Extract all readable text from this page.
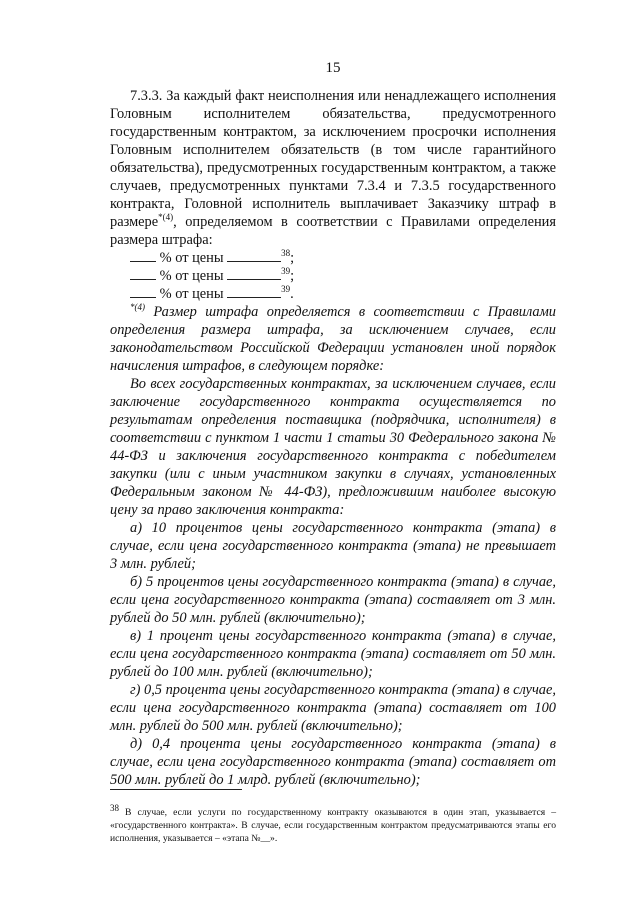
15

7.3.3. За каждый факт неисполнения или ненадлежащего исполнения Головным исполнителем обязательства, предусмотренного государственным контрактом, за исключением просрочки исполнения Головным исполнителем обязательств (в том числе гарантийного обязательства), предусмотренных государственным контрактом, а также случаев, предусмотренных пунктами 7.3.4 и 7.3.5 государственного контракта, Головной исполнитель выплачивает Заказчику штраф в размере$^{*(4)}$, определяемом в соответствии с Правилами определения размера штрафа:

% от цены	$^{38}$;

% от цены	$^{39}$;

% от цены	$^{39}$.

$^{*(4)}$ Размер штрафа определяется в соответствии с Правилами определения размера штрафа, за исключением случаев, если законодательством Российской Федерации установлен иной порядок начисления штрафов, в следующем порядке:

Во всех государственных контрактах, за исключением случаев, если заключение государственного контракта осуществляется по результатам определения поставщика (подрядчика, исполнителя) в соответствии с пунктом 1 части 1 статьи 30 Федерального закона № 44-ФЗ и заключения государственного контракта с победителем закупки (или с иным участником закупки в случаях, установленных Федеральным законом № 44-ФЗ), предложившим наиболее высокую цену за право заключения контракта:

а) 10 процентов цены государственного контракта (этапа) в случае, если цена государственного контракта (этапа) не превышает 3 млн. рублей;

б) 5 процентов цены государственного контракта (этапа) в случае, если цена государственного контракта (этапа) составляет от 3 млн. рублей до 50 млн. рублей (включительно);

в) 1 процент цены государственного контракта (этапа) в случае, если цена государственного контракта (этапа) составляет от 50 млн. рублей до 100 млн. рублей (включительно);

г) 0,5 процента цены государственного контракта (этапа) в случае, если цена государственного контракта (этапа) составляет от 100 млн. рублей до 500 млн. рублей (включительно);

д) 0,4 процента цены государственного контракта (этапа) в случае, если цена государственного контракта (этапа) составляет от 500 млн. рублей до 1 млрд. рублей (включительно);

$^{38}$ В случае, если услуги по государственному контракту оказываются в один этап, указывается – «государственного контракта». В случае, если государственным контрактом предусматриваются этапы его исполнения, указывается – «этапа №__».
